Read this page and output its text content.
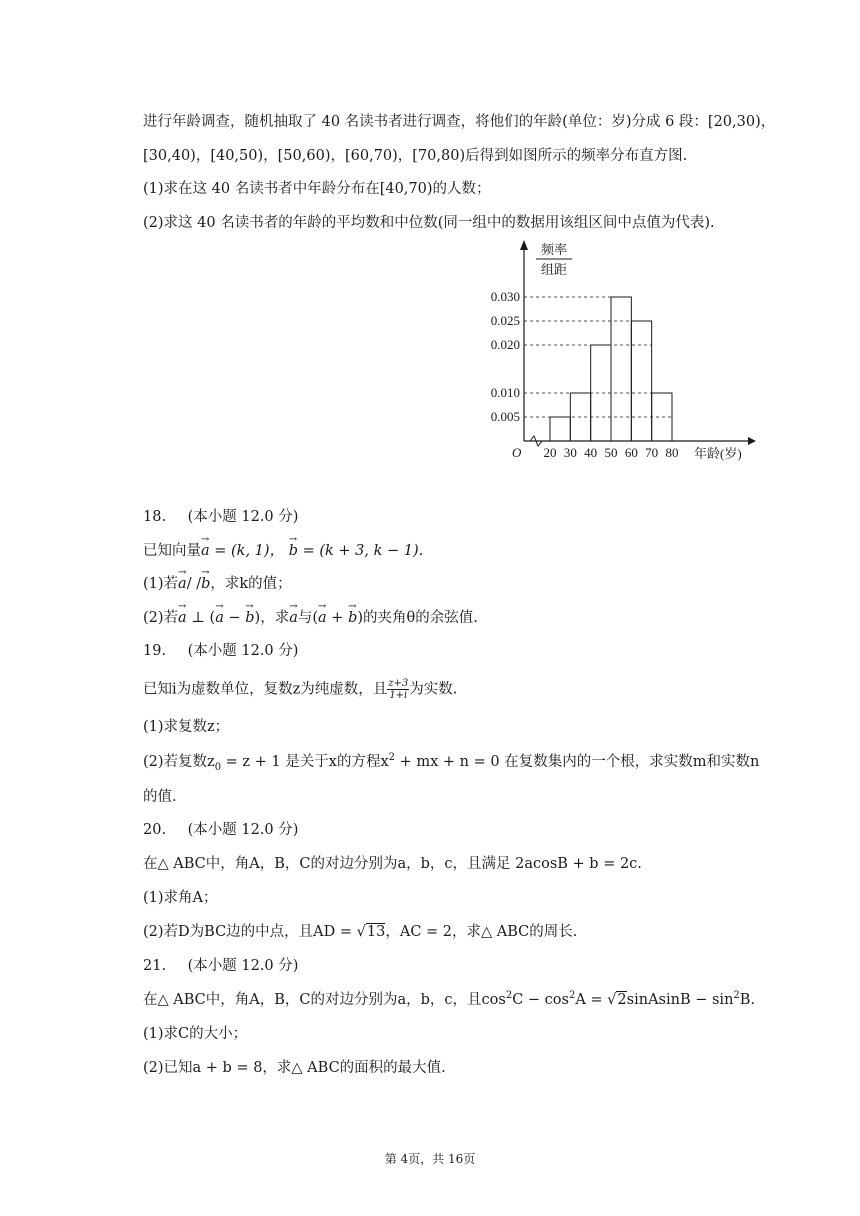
进行年龄调查，随机抽取了 40 名读书者进行调查，将他们的年龄(单位：岁)分成 6 段：[20,30)，
[30,40)，[40,50)，[50,60)，[60,70)，[70,80)后得到如图所示的频率分布直方图.
(1)求在这 40 名读书者中年龄分布在[40,70)的人数；
(2)求这 40 名读书者的年龄的平均数和中位数(同一组中的数据用该组区间中点值为代表).
频率
组距
O
0.005
0.010
0.020
0.025
0.030
20 30 40 50 60 70 80 年龄(岁)
18. (本小题 12.0 分)
已知向量→ a = (k, 1)， → b = (k + 3, k − 1).
(1)若→ a/ /→ b，求k的值；
(2)若→ a ⊥ (→ a − → b)，求→ a与(→ a + → b)的夹角θ的余弦值.
19. (本小题 12.0 分)
已知i为虚数单位，复数z为纯虚数，且 $\frac{z+3}{1+i}$ 为实数.
(1)求复数z；
(2)若复数$z_0 = z + 1$ 是关于x的方程$x^2$ + mx + n = 0 在复数集内的一个根，求实数m和实数n
的值.
20. (本小题 12.0 分)
在△ ABC中，角A，B，C的对边分别为a，b，c，且满足 2acosB + b = 2c.
(1)求角A；
(2)若D为BC边的中点，且AD = √13，AC = 2，求△ ABC的周长.
21. (本小题 12.0 分)
在△ ABC中，角A，B，C的对边分别为a，b，c，且$\cos^2C - \cos^2A$ = √2sinAsinB − $\sin^2B$.
(1)求C的大小；
(2)已知a + b = 8，求△ ABC的面积的最大值.
第 4页，共 16页
